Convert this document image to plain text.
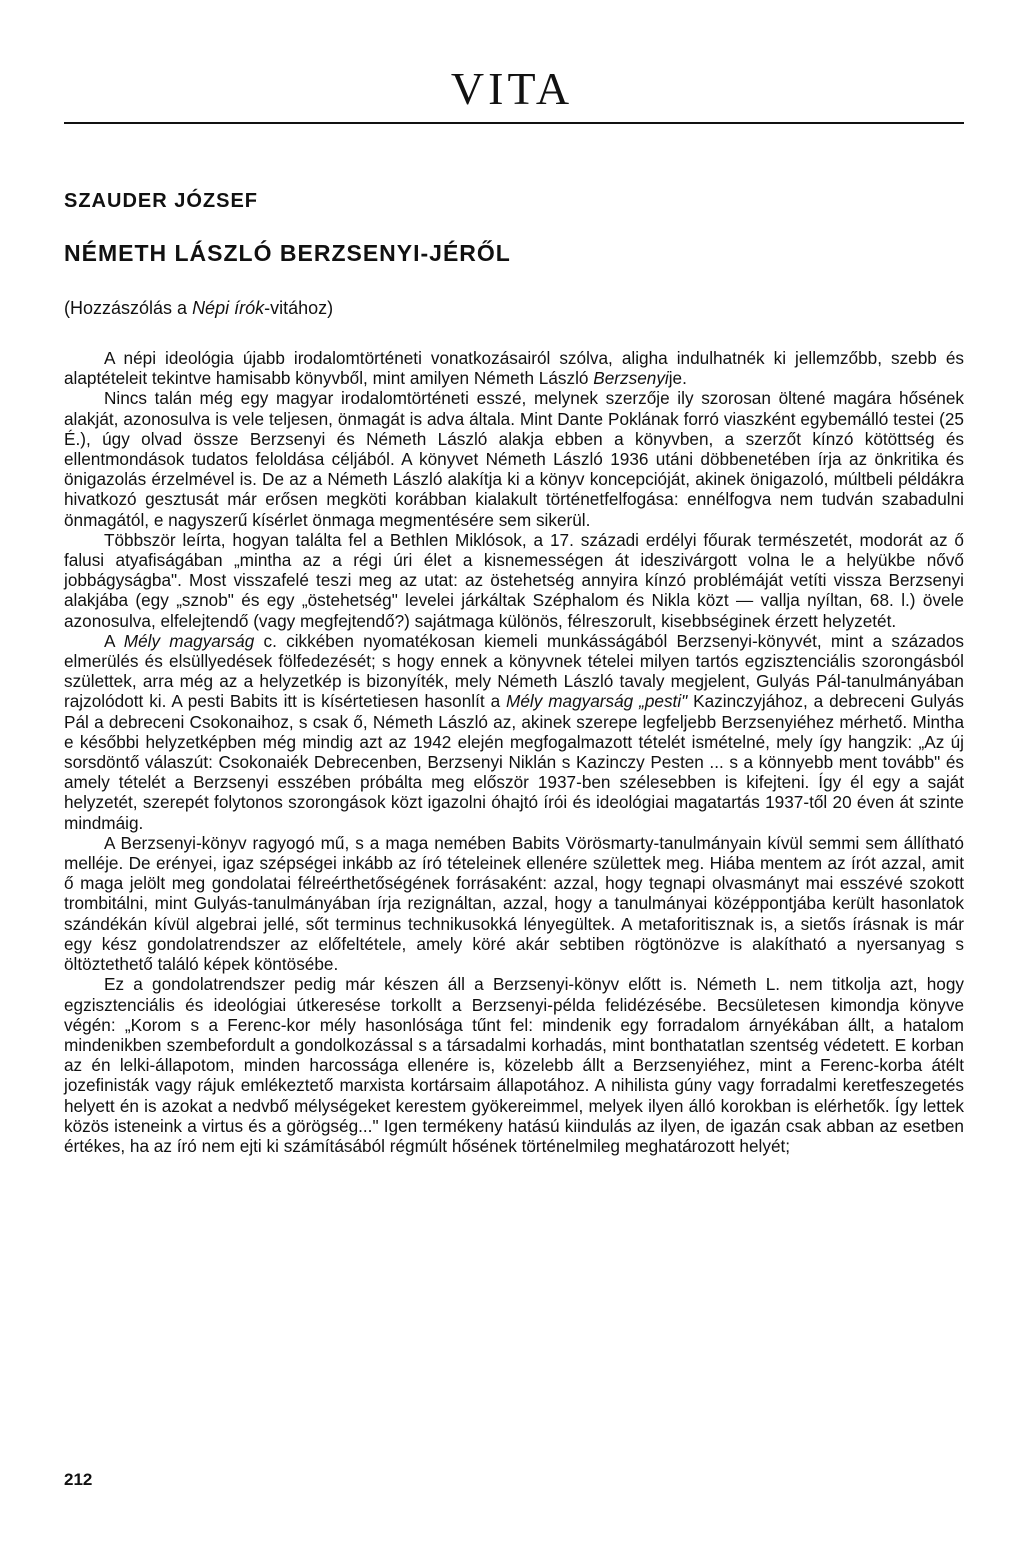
VITA
SZAUDER JÓZSEF
NÉMETH LÁSZLÓ BERZSENYI-JÉRŐL
(Hozzászólás a Népi írók-vitához)

A népi ideológia újabb irodalomtörténeti vonatkozásairól szólva, aligha indulhatnék ki jellemzőbb, szebb és alaptételeit tekintve hamisabb könyvből, mint amilyen Németh László Berzsenyije.

Nincs talán még egy magyar irodalomtörténeti esszé, melynek szerzője ily szorosan öltené magára hősének alakját, azonosulva is vele teljesen, önmagát is adva általa. Mint Dante Poklának forró viaszként egybemálló testei (25 É.), úgy olvad össze Berzsenyi és Németh László alakja ebben a könyvben, a szerzőt kínzó kötöttség és ellentmondások tudatos feloldása céljából. A könyvet Németh László 1936 utáni döbbenetében írja az önkritika és önigazolás érzelmével is. De az a Németh László alakítja ki a könyv koncepcióját, akinek önigazoló, múltbeli példákra hivatkozó gesztusát már erősen megköti korábban kialakult történetfelfogása: ennélfogva nem tudván szabadulni önmagától, e nagyszerű kísérlet önmaga megmentésére sem sikerül.

Többször leírta, hogyan találta fel a Bethlen Miklósok, a 17. századi erdélyi főurak természetét, modorát az ő falusi atyafiságában „mintha az a régi úri élet a kisnemességen át ideszivárgott volna le a helyükbe nővő jobbágyságba". Most visszafelé teszi meg az utat: az östehetség annyira kínzó problémáját vetíti vissza Berzsenyi alakjába (egy „sznob" és egy „östehetség" levelei járkáltak Széphalom és Nikla közt — vallja nyíltan, 68. l.) övele azonosulva, elfelejtendő (vagy megfejtendő?) sajátmaga különös, félreszorult, kisebbséginek érzett helyzetét.

A Mély magyarság c. cikkében nyomatékosan kiemeli munkásságából Berzsenyi-könyvét, mint a százados elmerülés és elsüllyedések fölfedezését; s hogy ennek a könyvnek tételei milyen tartós egzisztenciális szorongásból születtek, arra még az a helyzetkép is bizonyíték, mely Németh László tavaly megjelent, Gulyás Pál-tanulmányában rajzolódott ki. A pesti Babits itt is kísértetiesen hasonlít a Mély magyarság „pesti" Kazinczyjához, a debreceni Gulyás Pál a debreceni Csokonaihoz, s csak ő, Németh László az, akinek szerepe legfeljebb Berzsenyiéhez mérhető. Mintha e későbbi helyzetképben még mindig azt az 1942 elején megfogalmazott tételét ismételné, mely így hangzik: „Az új sorsdöntő válaszút: Csokonaiék Debrecenben, Berzsenyi Niklán s Kazinczy Pesten ... s a könnyebb ment tovább" és amely tételét a Berzsenyi esszében próbálta meg először 1937-ben szélesebben is kifejteni. Így él egy a saját helyzetét, szerepét folytonos szorongások közt igazolni óhajtó írói és ideológiai magatartás 1937-től 20 éven át szinte mindmáig.

A Berzsenyi-könyv ragyogó mű, s a maga nemében Babits Vörösmarty-tanulmányain kívül semmi sem állítható melléje. De erényei, igaz szépségei inkább az író tételeinek ellenére születtek meg. Hiába mentem az írót azzal, amit ő maga jelölt meg gondolatai félreérthetőségének forrásaként: azzal, hogy tegnapi olvasmányt mai esszévé szokott trombitálni, mint Gulyás-tanulmányában írja rezignáltan, azzal, hogy a tanulmányai középpontjába került hasonlatok szándékán kívül algebrai jellé, sőt terminus technikusokká lényegültek. A metaforitisznak is, a sietős írásnak is már egy kész gondolatrendszer az előfeltétele, amely köré akár sebtiben rögtönözve is alakítható a nyersanyag s öltöztethető találó képek köntösébe.

Ez a gondolatrendszer pedig már készen áll a Berzsenyi-könyv előtt is. Németh L. nem titkolja azt, hogy egzisztenciális és ideológiai útkeresése torkollt a Berzsenyi-példa felidézésébe. Becsületesen kimondja könyve végén: „Korom s a Ferenc-kor mély hasonlósága tűnt fel: mindenik egy forradalom árnyékában állt, a hatalom mindenikben szembefordult a gondolkozással s a társadalmi korhadás, mint bonthatatlan szentség védetett. E korban az én lelki-állapotom, minden harcossága ellenére is, közelebb állt a Berzsenyiéhez, mint a Ferenc-korba átélt jozefinisták vagy rájuk emlékeztető marxista kortársaim állapotához. A nihilista gúny vagy forradalmi keretfeszegetés helyett én is azokat a nedvbő mélységeket kerestem gyökereimmel, melyek ilyen álló korokban is elérhetők. Így lettek közös isteneink a virtus és a görögség..." Igen termékeny hatású kiindulás az ilyen, de igazán csak abban az esetben értékes, ha az író nem ejti ki számításából régmúlt hősének történelmileg meghatározott helyét;

212
